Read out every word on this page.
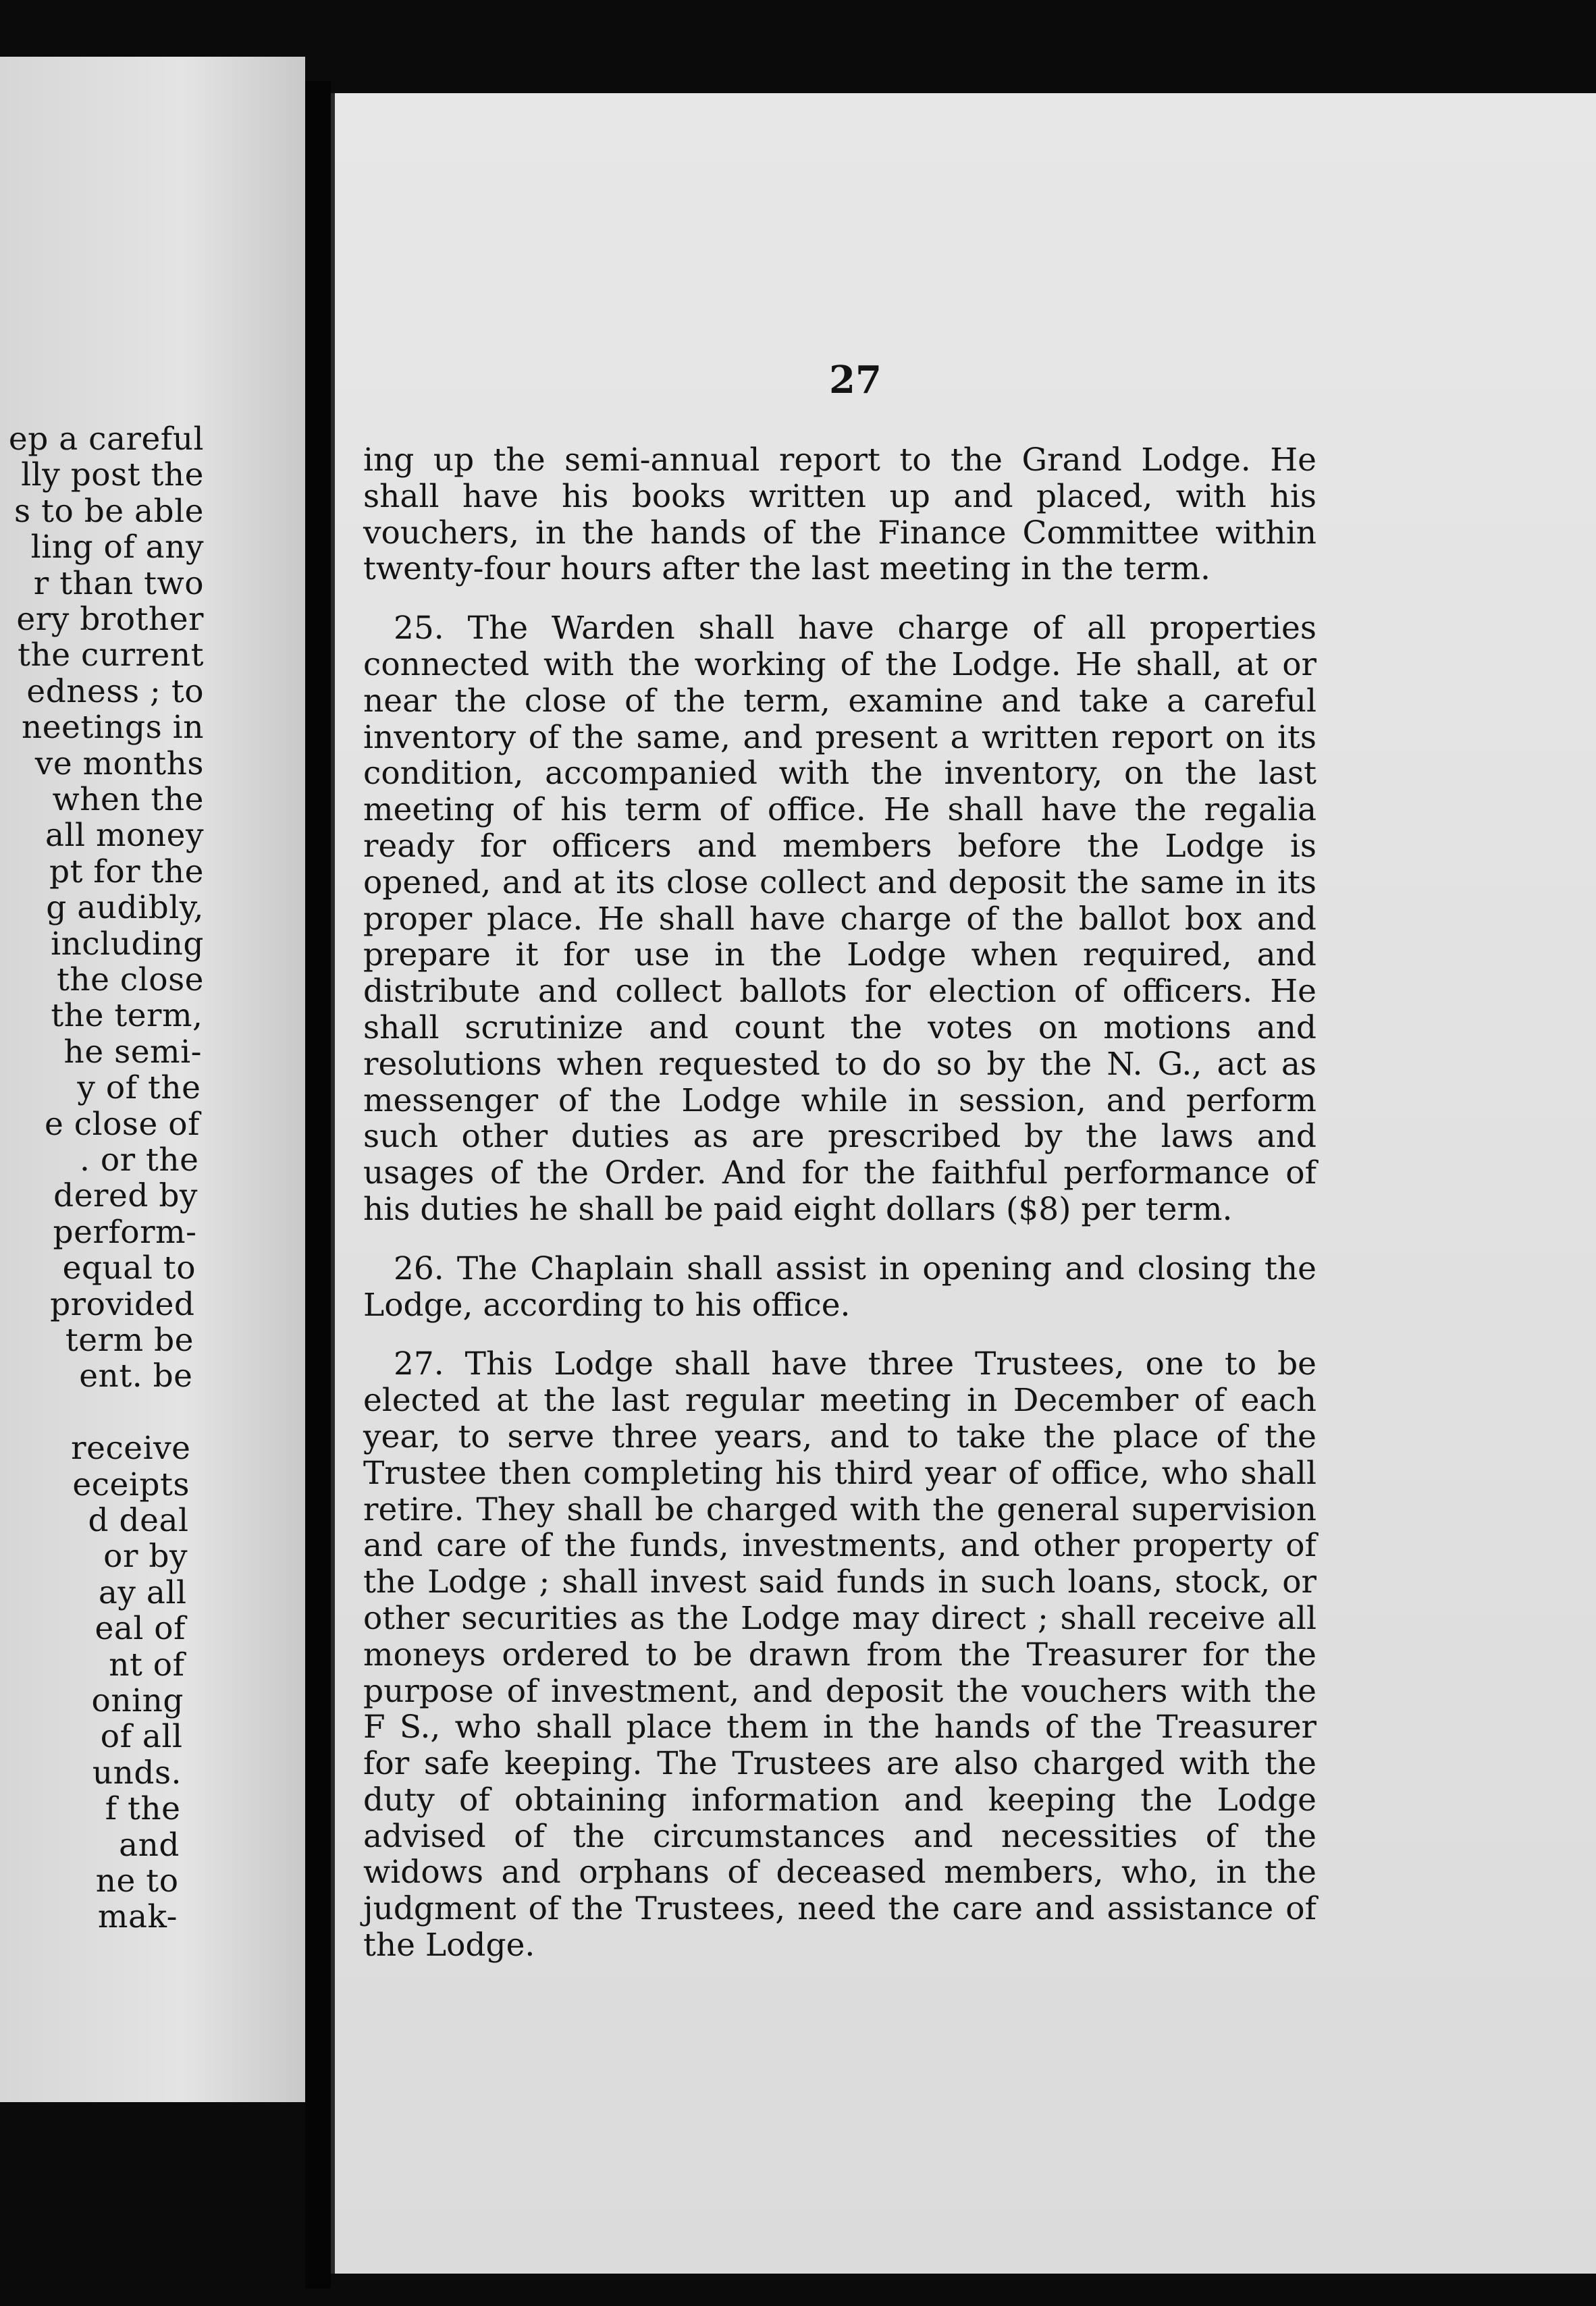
ep a careful
lly post the
s to be able
ling of any
r than two
ery brother
the current
edness ; to
neetings in
ve months
when the
all money
pt for the
g audibly,
including
the close
the term,
he semi-
y of the
e close of
. or the
dered by
perform-
equal to
provided
term be
ent. be
receive
eceipts
d deal
or by
ay all
eal of
nt of
oning
of all
unds.
f the
and
ne to
mak-
27

ing up the semi-annual report to the Grand Lodge. He shall have his books written up and placed, with his vouchers, in the hands of the Finance Committee within twenty-four hours after the last meeting in the term.

25. The Warden shall have charge of all properties connected with the working of the Lodge. He shall, at or near the close of the term, examine and take a careful inventory of the same, and present a written report on its condition, accompanied with the inventory, on the last meeting of his term of office. He shall have the regalia ready for officers and members before the Lodge is opened, and at its close collect and deposit the same in its proper place. He shall have charge of the ballot box and prepare it for use in the Lodge when required, and distribute and collect ballots for election of officers. He shall scrutinize and count the votes on motions and resolutions when requested to do so by the N. G., act as messenger of the Lodge while in session, and perform such other duties as are prescribed by the laws and usages of the Order. And for the faithful performance of his duties he shall be paid eight dollars ($8) per term.

26. The Chaplain shall assist in opening and closing the Lodge, according to his office.

27. This Lodge shall have three Trustees, one to be elected at the last regular meeting in December of each year, to serve three years, and to take the place of the Trustee then completing his third year of office, who shall retire. They shall be charged with the general supervision and care of the funds, investments, and other property of the Lodge ; shall invest said funds in such loans, stock, or other securities as the Lodge may direct ; shall receive all moneys ordered to be drawn from the Treasurer for the purpose of investment, and deposit the vouchers with the F S., who shall place them in the hands of the Treasurer for safe keeping. The Trustees are also charged with the duty of obtaining information and keeping the Lodge advised of the circumstances and necessities of the widows and orphans of deceased members, who, in the judgment of the Trustees, need the care and assistance of the Lodge.
